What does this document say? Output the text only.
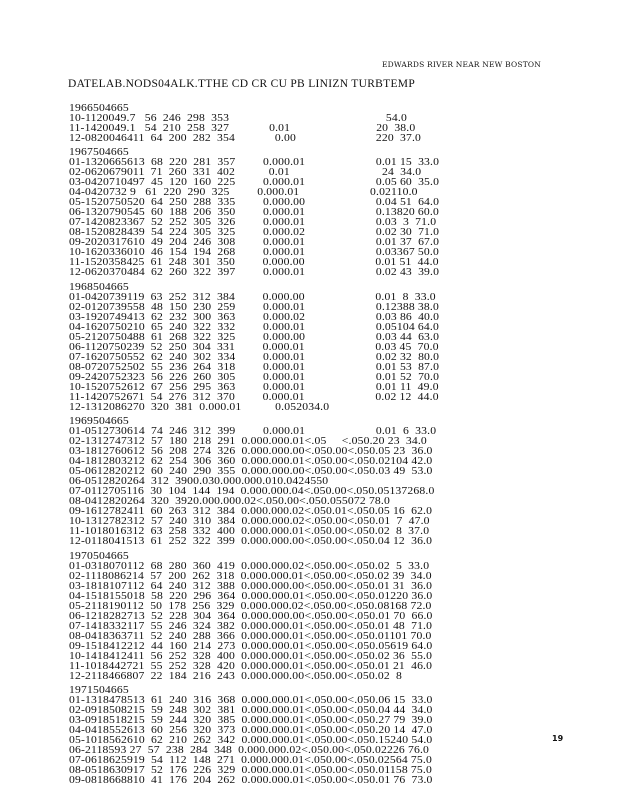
EDWARDS RIVER NEAR NEW BOSTON
DATELAB.NODS04ALK.TTHE CD CR CU PB LINIZN TURBTEMP
1966504665
10-1120049.7   56  246  298  353                                                   54.0
11-1420049.1   54  210  258  327             0.01                            20  38.0
12-0820046411  64  200  282  354             0.00                          220  37.0
1967504665
01-1320665613  68  220  281  357         0.000.01                       0.01 15  33.0
02-0620679011  71  260  331  402           0.01                              24  34.0
03-0420710497  45  120  160  225         0.000.01                       0.05 60  35.0
04-0420732 9   61  220  290  325         0.000.01                       0.02110.0
05-1520750520  64  250  288  335         0.000.00                       0.04 51  64.0
06-1320790545  60  188  206  350         0.000.01                       0.13820 60.0
07-1420823367  52  252  305  326         0.000.01                       0.03  3  71.0
08-1520828439  54  224  305  325         0.000.02                       0.02 30  71.0
09-2020317610  49  204  246  308         0.000.01                       0.01 37  67.0
10-1620336010  46  154  194  268         0.000.01                       0.03367 50.0
11-1520358425  61  248  301  350         0.000.00                       0.01 51  44.0
12-0620370484  62  260  322  397         0.000.01                       0.02 43  39.0
1968504665
01-0420739119  63  252  312  384         0.000.00                       0.01  8  33.0
02-0120739558  48  150  230  259         0.000.01                       0.12388 38.0
03-1920749413  62  232  300  363         0.000.02                       0.03 86  40.0
04-1620750210  65  240  322  332         0.000.01                       0.05104 64.0
05-2120750488  61  268  322  325         0.000.00                       0.03 44  63.0
06-1120750239  52  250  304  331         0.000.01                       0.03 45  70.0
07-1620750552  62  240  302  334         0.000.01                       0.02 32  80.0
08-0720752502  55  236  264  318         0.000.01                       0.01 53  87.0
09-2420752323  56  226  260  305         0.000.01                       0.01 52  70.0
10-1520752612  67  256  295  363         0.000.01                       0.01 11  49.0
11-1420752671  54  276  312  370         0.000.01                       0.02 12  44.0
12-1312086270  320  381  0.000.01           0.052034.0
1969504665
01-0512730614  74  246  312  399         0.000.01                       0.01  6  33.0
02-1312747312  57  180  218  291  0.000.000.01<.05     <.050.20 23  34.0
03-1812760612  56  208  274  326  0.000.000.00<.050.00<.050.05 23  36.0
04-1812803212  62  254  306  360  0.000.000.01<.050.00<.050.02104 42.0
05-0612820212  60  240  290  355  0.000.000.00<.050.00<.050.03 49  53.0
06-0512820264  312  3900.030.000.000.010.0424550
07-0112705116  30  104  144  194  0.000.000.04<.050.00<.050.05137268.0
08-0412820264  320  3920.000.000.02<.050.00<.050.055072 78.0
09-1612782411  60  263  312  384  0.000.000.02<.050.01<.050.05 16  62.0
10-1312782312  57  240  310  384  0.000.000.02<.050.00<.050.01  7  47.0
11-1018016312  63  258  332  400  0.000.000.01<.050.00<.050.02  8  37.0
12-0118041513  61  252  322  399  0.000.000.00<.050.00<.050.04 12  36.0
1970504665
01-0318070112  68  280  360  419  0.000.000.02<.050.00<.050.02  5  33.0
02-1118086214  57  200  262  318  0.000.000.01<.050.00<.050.02 39  34.0
03-1818107112  64  240  312  388  0.000.000.00<.050.00<.050.01 31  36.0
04-1518155018  58  220  296  364  0.000.000.01<.050.00<.050.01220 36.0
05-2118190112  50  178  256  329  0.000.000.02<.050.00<.050.08168 72.0
06-1218282713  52  228  304  364  0.000.000.00<.050.00<.050.01 70  66.0
07-1418332117  55  246  324  382  0.000.000.01<.050.00<.050.01 48  71.0
08-0418363711  52  240  288  366  0.000.000.01<.050.00<.050.01101 70.0
09-1518412212  44  160  214  273  0.000.000.01<.050.00<.050.05619 64.0
10-1418412411  56  252  328  400  0.000.000.01<.050.00<.050.02 36  55.0
11-1018442721  55  252  328  420  0.000.000.01<.050.00<.050.01 21  46.0
12-2118466807  22  184  216  243  0.000.000.00<.050.00<.050.02  8
1971504665
01-1318478513  61  240  316  368  0.000.000.01<.050.00<.050.06 15  33.0
02-0918508215  59  248  302  381  0.000.000.01<.050.00<.050.04 44  34.0
03-0918518215  59  244  320  385  0.000.000.01<.050.00<.050.27 79  39.0
04-0418552613  60  256  320  373  0.000.000.01<.050.00<.050.20 14  47.0
05-1018562610  62  210  262  342  0.000.000.01<.050.00<.050.15240 54.0
06-2118593 27  57  238  284  348  0.000.000.02<.050.00<.050.02226 76.0
07-0618625919  54  112  148  271  0.000.000.01<.050.00<.050.02564 75.0
08-0518630917  52  176  226  329  0.000.000.01<.050.00<.050.01158 75.0
09-0818668810  41  176  204  262  0.000.000.01<.050.00<.050.01 76  73.0
19
